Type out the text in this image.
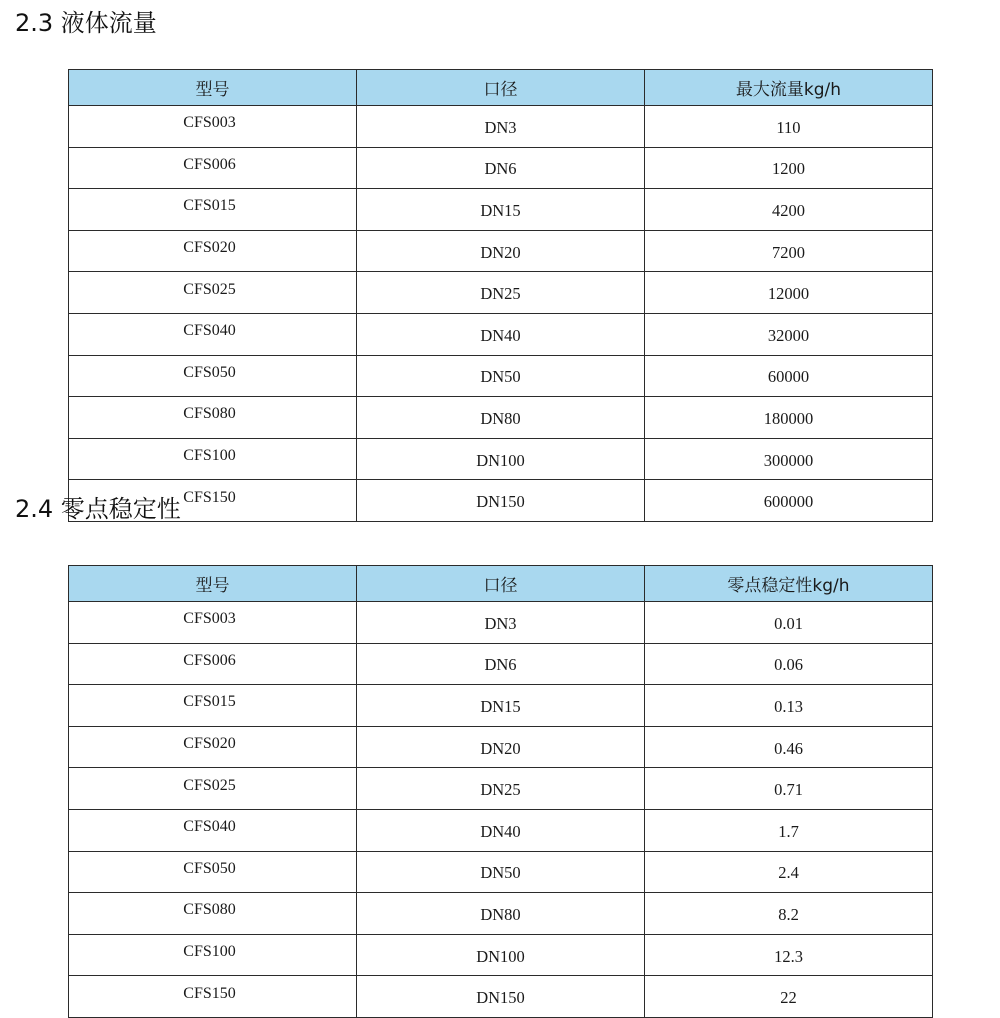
2.3 液体流量
型号	口径	最大流量kg/h
CFS003	DN3	110
CFS006	DN6	1200
CFS015	DN15	4200
CFS020	DN20	7200
CFS025	DN25	12000
CFS040	DN40	32000
CFS050	DN50	60000
CFS080	DN80	180000
CFS100	DN100	300000
CFS150	DN150	600000
2.4 零点稳定性
型号	口径	零点稳定性kg/h
CFS003	DN3	0.01
CFS006	DN6	0.06
CFS015	DN15	0.13
CFS020	DN20	0.46
CFS025	DN25	0.71
CFS040	DN40	1.7
CFS050	DN50	2.4
CFS080	DN80	8.2
CFS100	DN100	12.3
CFS150	DN150	22
